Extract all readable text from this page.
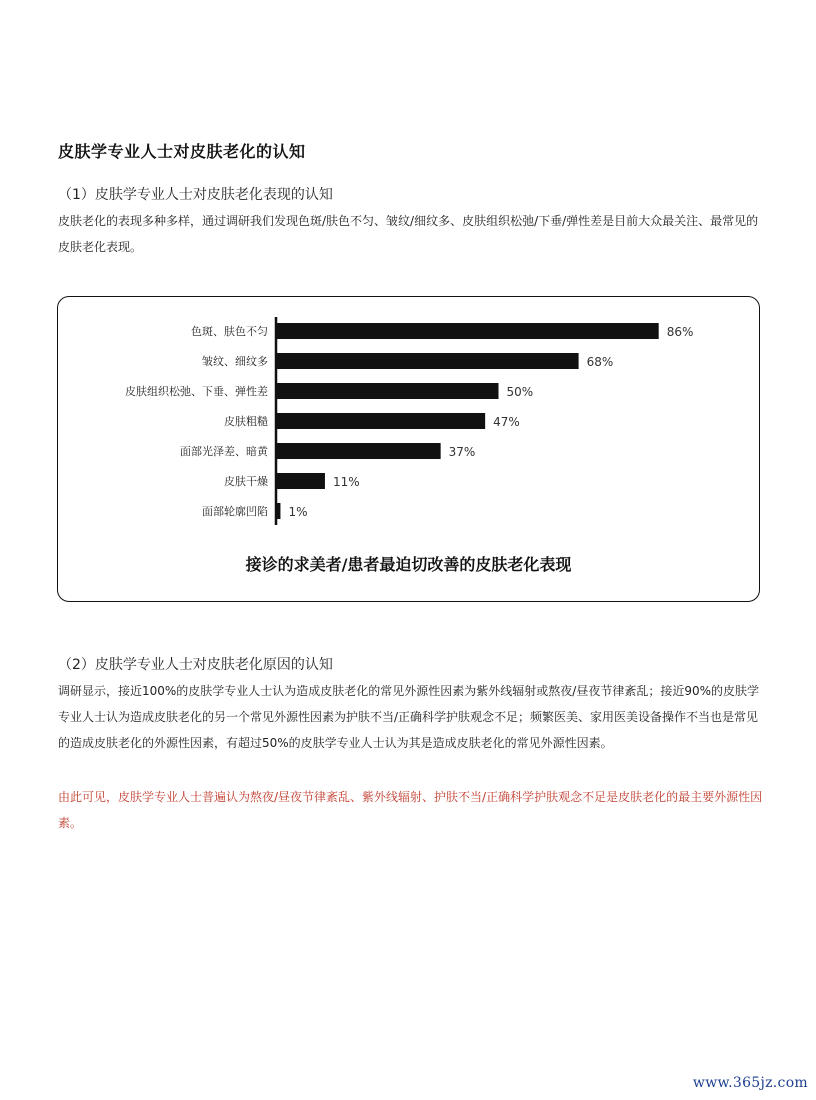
皮肤学专业人士对皮肤老化的认知
（1）皮肤学专业人士对皮肤老化表现的认知

皮肤老化的表现多种多样，通过调研我们发现色斑/肤色不匀、皱纹/细纹多、皮肤组织松弛/下垂/弹性差是目前大众最关注、最常见的皮肤老化表现。

色斑、肤色不匀	86%
皱纹、细纹多	68%
皮肤组织松弛、下垂、弹性差	50%
皮肤粗糙	47%
面部光泽差、暗黄	37%
皮肤干燥	11%
面部轮廓凹陷 1%
接诊的求美者/患者最迫切改善的皮肤老化表现
（2）皮肤学专业人士对皮肤老化原因的认知

调研显示，接近100%的皮肤学专业人士认为造成皮肤老化的常见外源性因素为紫外线辐射或熬夜/昼夜节律紊乱；接近90%的皮肤学专业人士认为造成皮肤老化的另一个常见外源性因素为护肤不当/正确科学护肤观念不足；频繁医美、家用医美设备操作不当也是常见的造成皮肤老化的外源性因素，有超过50%的皮肤学专业人士认为其是造成皮肤老化的常见外源性因素。

由此可见，皮肤学专业人士普遍认为熬夜/昼夜节律紊乱、紫外线辐射、护肤不当/正确科学护肤观念不足是皮肤老化的最主要外源性因素。

www.365jz.com
